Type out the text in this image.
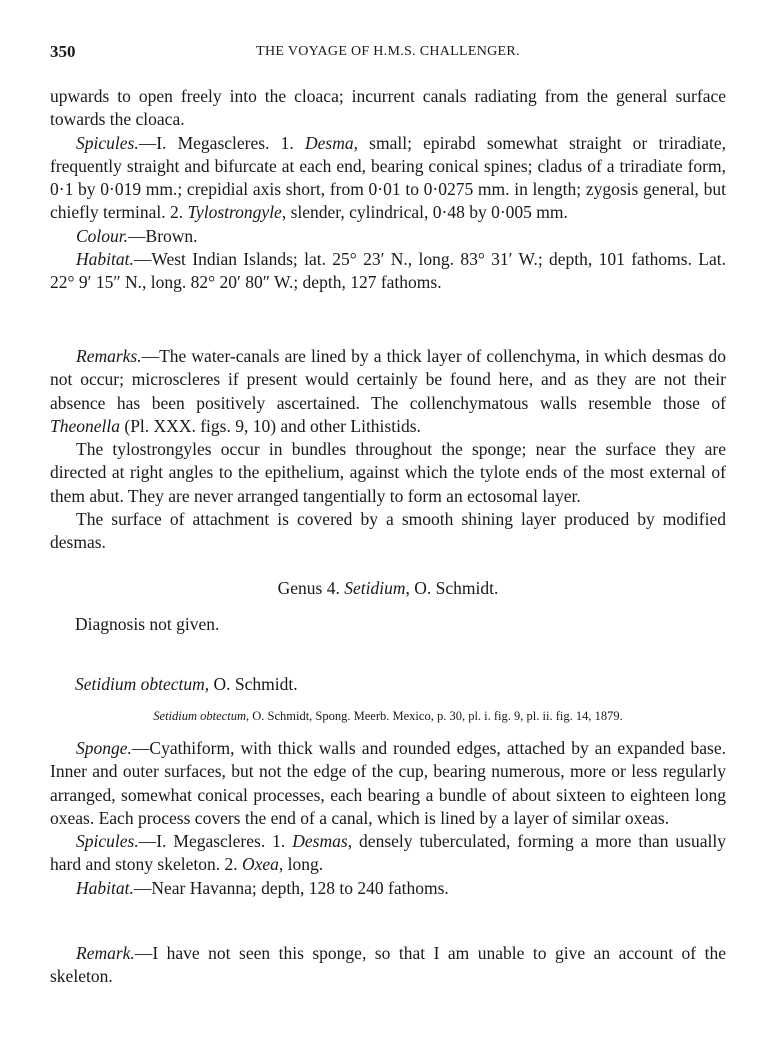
350	THE VOYAGE OF H.M.S. CHALLENGER.

upwards to open freely into the cloaca; incurrent canals radiating from the general surface towards the cloaca.

Spicules.—I. Megascleres. 1. Desma, small; epirabd somewhat straight or triradiate, frequently straight and bifurcate at each end, bearing conical spines; cladus of a triradiate form, 0·1 by 0·019 mm.; crepidial axis short, from 0·01 to 0·0275 mm. in length; zygosis general, but chiefly terminal. 2. Tylostrongyle, slender, cylindrical, 0·48 by 0·005 mm.

Colour.—Brown.

Habitat.—West Indian Islands; lat. 25° 23′ N., long. 83° 31′ W.; depth, 101 fathoms. Lat. 22° 9′ 15″ N., long. 82° 20′ 80″ W.; depth, 127 fathoms.

Remarks.—The water-canals are lined by a thick layer of collenchyma, in which desmas do not occur; microscleres if present would certainly be found here, and as they are not their absence has been positively ascertained. The collenchymatous walls resemble those of Theonella (Pl. XXX. figs. 9, 10) and other Lithistids.

The tylostrongyles occur in bundles throughout the sponge; near the surface they are directed at right angles to the epithelium, against which the tylote ends of the most external of them abut. They are never arranged tangentially to form an ectosomal layer.

The surface of attachment is covered by a smooth shining layer produced by modified desmas.

Genus 4. Setidium, O. Schmidt.
Diagnosis not given.
Setidium obtectum, O. Schmidt.
Setidium obtectum, O. Schmidt, Spong. Meerb. Mexico, p. 30, pl. i. fig. 9, pl. ii. fig. 14, 1879.

Sponge.—Cyathiform, with thick walls and rounded edges, attached by an expanded base. Inner and outer surfaces, but not the edge of the cup, bearing numerous, more or less regularly arranged, somewhat conical processes, each bearing a bundle of about sixteen to eighteen long oxeas. Each process covers the end of a canal, which is lined by a layer of similar oxeas.

Spicules.—I. Megascleres. 1. Desmas, densely tuberculated, forming a more than usually hard and stony skeleton. 2. Oxea, long.

Habitat.—Near Havanna; depth, 128 to 240 fathoms.

Remark.—I have not seen this sponge, so that I am unable to give an account of the skeleton.
